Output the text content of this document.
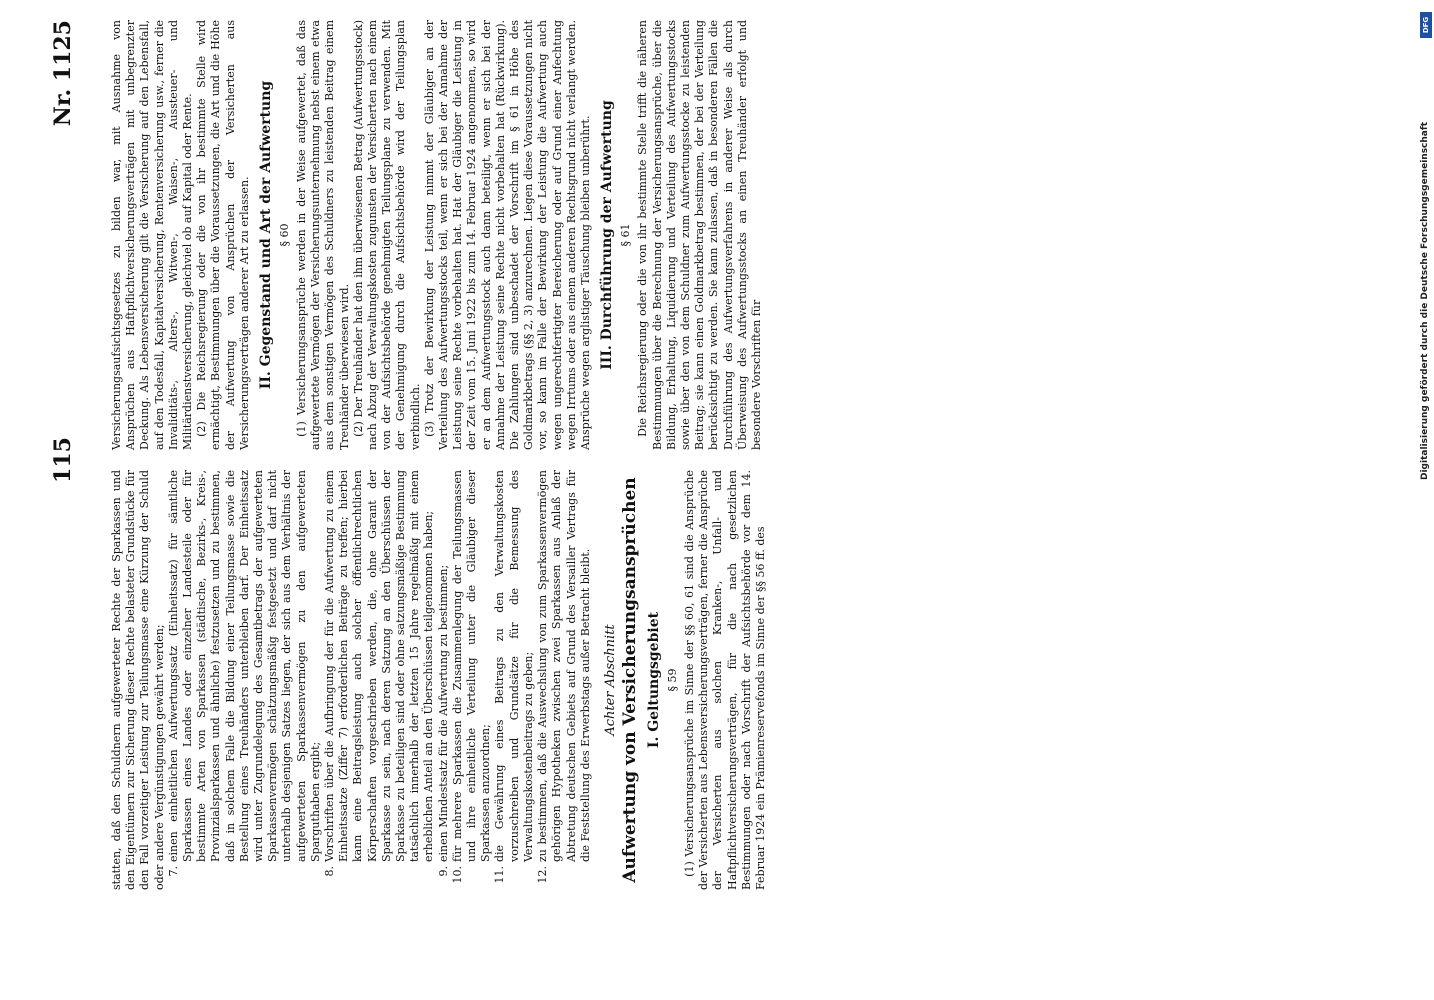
115
Nr. 1125

statten, daß den Schuldnern aufgewerteter Rechte der Sparkassen und den Eigentümern zur Sicherung dieser Rechte belasteter Grundstücke für den Fall vorzeitiger Leistung zur Teilungsmasse eine Kürzung der Schuld oder andere Vergünstigungen gewährt werden; 7.
einen einheitlichen Aufwertungssatz (Einheitssatz) für sämtliche Sparkassen eines Landes oder einzelner Landesteile oder für bestimmte Arten von Sparkassen (städtische, Bezirks-, Kreis-, Provinzialsparkassen und ähnliche) festzusetzen und zu bestimmen, daß in solchem Falle die Bildung einer Teilungsmasse sowie die Bestellung eines Treuhänders unterbleiben darf. Der Einheitssatz wird unter Zugrundelegung des Gesamtbetrags der aufgewerteten Sparkassenvermögen schätzungsmäßig festgesetzt und darf nicht unterhalb desjenigen Satzes liegen, der sich aus dem Verhältnis der aufgewerteten Sparkassenvermögen zu den aufgewerteten Sparguthaben ergibt;
8.
Vorschriften über die Aufbringung der für die Aufwertung zu einem Einheitssatze (Ziffer 7) erforderlichen Beiträge zu treffen; hierbei kann eine Beitragsleistung auch solcher öffentlichrechtlichen Körperschaften vorgeschrieben werden, die, ohne Garant der Sparkasse zu sein, nach deren Satzung an den Überschüssen der Sparkasse zu beteiligen sind oder ohne satzungsmäßige Bestimmung tatsächlich innerhalb der letzten 15 Jahre regelmäßig mit einem erheblichen Anteil an den Überschüssen teilgenommen haben;
9.
einen Mindestsatz für die Aufwertung zu bestimmen;
10.
für mehrere Sparkassen die Zusammenlegung der Teilungsmassen und ihre einheitliche Verteilung unter die Gläubiger dieser Sparkassen anzuordnen;
11.
die Gewährung eines Beitrags zu den Verwaltungskosten vorzuschreiben und Grundsätze für die Bemessung des Verwaltungskostenbeitrags zu geben;
12.
zu bestimmen, daß die Auswechslung von zum Sparkassenvermögen gehörigen Hypotheken zwischen zwei Sparkassen aus Anlaß der Abtretung deutschen Gebiets auf Grund des Versailler Vertrags für die Feststellung des Erwerbstags außer Betracht bleibt. Achter Abschnitt Aufwertung von Versicherungsansprüchen I. Geltungsgebiet § 59 (1) Versicherungsansprüche im Sinne der §§ 60, 61 sind die Ansprüche der Versicherten aus Lebensversicherungsverträgen, ferner die Ansprüche der Versicherten aus solchen Kranken-, Unfall- und Haftpflichtversicherungsverträgen, für die nach gesetzlichen Bestimmungen oder nach Vorschrift der Aufsichtsbehörde vor dem 14. Februar 1924 ein Prämienreservefonds im Sinne der §§ 56 ff. des

Versicherungsaufsichtsgesetzes zu bilden war, mit Ausnahme von Ansprüchen aus Haftpflichtversicherungsverträgen mit unbegrenzter Deckung. Als Lebensversicherung gilt die Versicherung auf den Lebensfall, auf den Todesfall, Kapitalversicherung, Rentenversicherung usw., ferner die Invaliditäts-, Alters-, Witwen-, Waisen-, Aussteuer- und Militärdienstversicherung, gleichviel ob auf Kapital oder Rente. (2) Die Reichsregierung oder die von ihr bestimmte Stelle wird ermächtigt, Bestimmungen über die Voraussetzungen, die Art und die Höhe der Aufwertung von Ansprüchen der Versicherten aus Versicherungsverträgen anderer Art zu erlassen. II. Gegenstand und Art der Aufwertung § 60 (1) Versicherungsansprüche werden in der Weise aufgewertet, daß das aufgewertete Vermögen der Versicherungsunternehmung nebst einem etwa aus dem sonstigen Vermögen des Schuldners zu leistenden Beitrag einem Treuhänder überwiesen wird. (2) Der Treuhänder hat den ihm überwiesenen Betrag (Aufwertungsstock) nach Abzug der Verwaltungskosten zugunsten der Versicherten nach einem von der Aufsichtsbehörde genehmigten Teilungsplane zu verwenden. Mit der Genehmigung durch die Aufsichtsbehörde wird der Teilungsplan verbindlich. (3) Trotz der Bewirkung der Leistung nimmt der Gläubiger an der Verteilung des Aufwertungsstocks teil, wenn er sich bei der Annahme der Leistung seine Rechte vorbehalten hat. Hat der Gläubiger die Leistung in der Zeit vom 15. Juni 1922 bis zum 14. Februar 1924 angenommen, so wird er an dem Aufwertungsstock auch dann beteiligt, wenn er sich bei der Annahme der Leistung seine Rechte nicht vorbehalten hat (Rückwirkung). Die Zahlungen sind unbeschadet der Vorschrift im § 61 in Höhe des Goldmarkbetrags (§§ 2, 3) anzurechnen. Liegen diese Voraussetzungen nicht vor, so kann im Falle der Bewirkung der Leistung die Aufwertung auch wegen ungerechtfertigter Bereicherung oder auf Grund einer Anfechtung wegen Irrtums oder aus einem anderen Rechtsgrund nicht verlangt werden. Ansprüche wegen arglistiger Täuschung bleiben unberührt. III. Durchführung der Aufwertung § 61 Die Reichsregierung oder die von ihr bestimmte Stelle trifft die näheren Bestimmungen über die Berechnung der Versicherungsansprüche, über die Bildung, Erhaltung, Liquidierung und Verteilung des Aufwertungsstocks sowie über den von dem Schuldner zum Aufwertungsstocke zu leistenden Beitrag; sie kann einen Goldmarkbetrag bestimmen, der bei der Verteilung berücksichtigt zu werden. Sie kann zulassen, daß in besonderen Fällen die Durchführung des Aufwertungsverfahrens in anderer Weise als durch Überweisung des Aufwertungsstocks an einen Treuhänder erfolgt und besondere Vorschriften für

DFG
Digitalisierung gefördert durch die Deutsche Forschungsgemeinschaft
